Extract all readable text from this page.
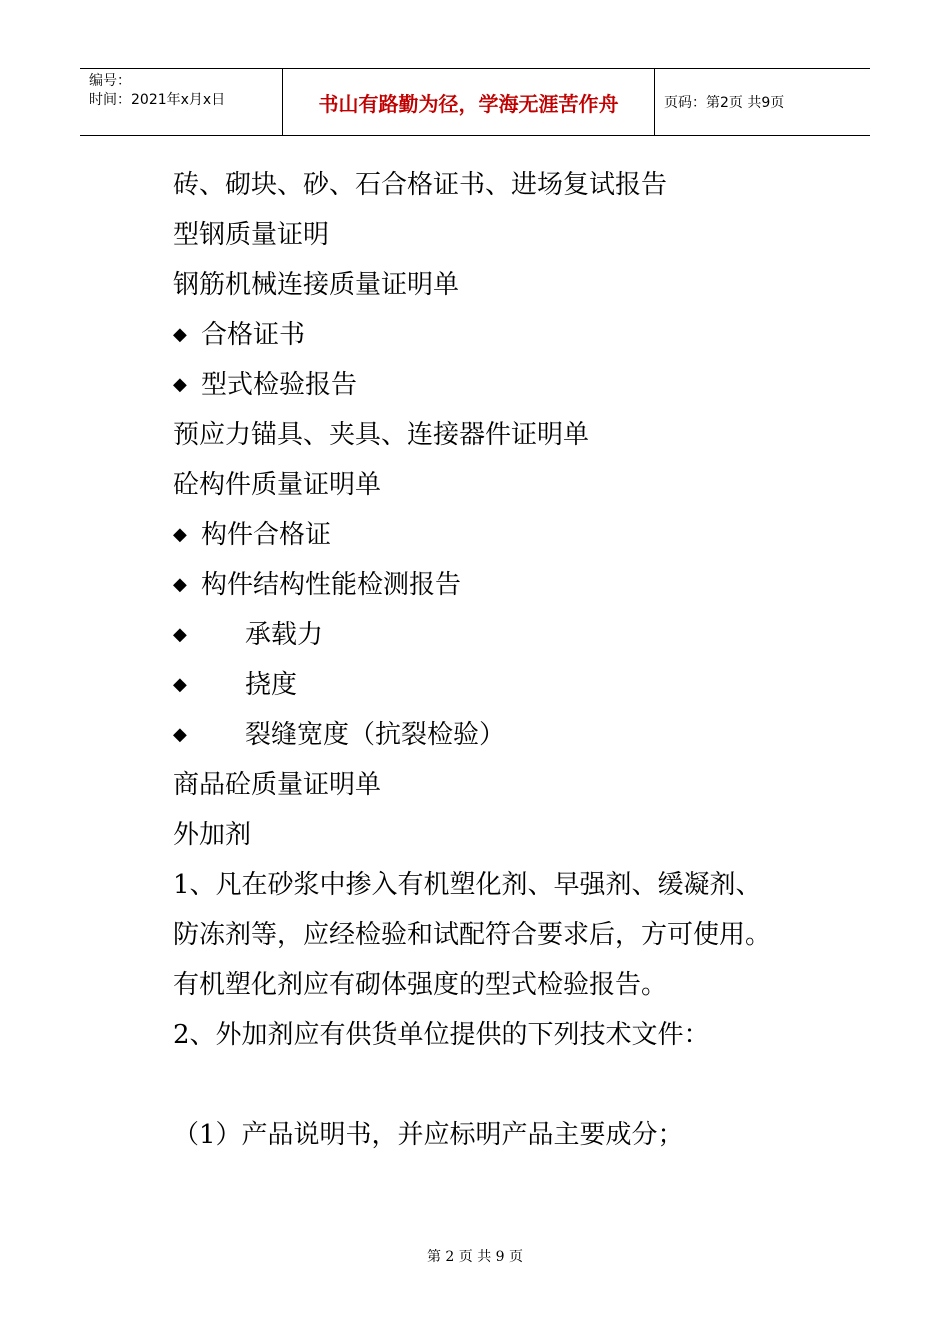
编号：
时间：2021年x月x日	书山有路勤为径，学海无涯苦作舟	页码：第2页 共9页
砖、砌块、砂、石合格证书、进场复试报告
型钢质量证明
钢筋机械连接质量证明单
◆ 合格证书
◆ 型式检验报告
预应力锚具、夹具、连接器件证明单
砼构件质量证明单
◆ 构件合格证
◆ 构件结构性能检测报告
◆ 承载力
◆ 挠度
◆ 裂缝宽度（抗裂检验）
商品砼质量证明单
外加剂
1、凡在砂浆中掺入有机塑化剂、早强剂、缓凝剂、
防冻剂等，应经检验和试配符合要求后，方可使用。
有机塑化剂应有砌体强度的型式检验报告。
2、外加剂应有供货单位提供的下列技术文件：
（1）产品说明书，并应标明产品主要成分；
第 2 页 共 9 页
